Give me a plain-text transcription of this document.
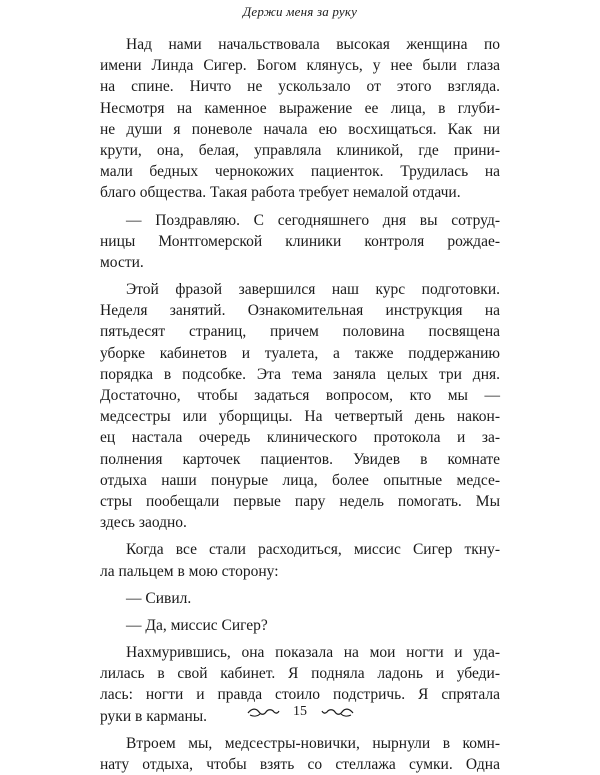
Держи меня за руку
Над нами начальствовала высокая женщина по
имени Линда Сигер. Богом клянусь, у нее были глаза
на спине. Ничто не ускользало от этого взгляда.
Несмотря на каменное выражение ее лица, в глуби-
не души я поневоле начала ею восхищаться. Как ни
крути, она, белая, управляла клиникой, где прини-
мали бедных чернокожих пациенток. Трудилась на
благо общества. Такая работа требует немалой отдачи.
— Поздравляю. С сегодняшнего дня вы сотруд-
ницы Монтгомерской клиники контроля рождае-
мости.
Этой фразой завершился наш курс подготовки.
Неделя занятий. Ознакомительная инструкция на
пятьдесят страниц, причем половина посвящена
уборке кабинетов и туалета, а также поддержанию
порядка в подсобке. Эта тема заняла целых три дня.
Достаточно, чтобы задаться вопросом, кто мы —
медсестры или уборщицы. На четвертый день након-
ец настала очередь клинического протокола и за-
полнения карточек пациентов. Увидев в комнате
отдыха наши понурые лица, более опытные медсе-
стры пообещали первые пару недель помогать. Мы
здесь заодно.
Когда все стали расходиться, миссис Сигер ткну-
ла пальцем в мою сторону:
— Сивил.
— Да, миссис Сигер?
Нахмурившись, она показала на мои ногти и уда-
лилась в свой кабинет. Я подняла ладонь и убеди-
лась: ногти и правда стоило подстричь. Я спрятала
руки в карманы.
Втроем мы, медсестры-новички, нырнули в комн-
нату отдыха, чтобы взять со стеллажа сумки. Одна
15
